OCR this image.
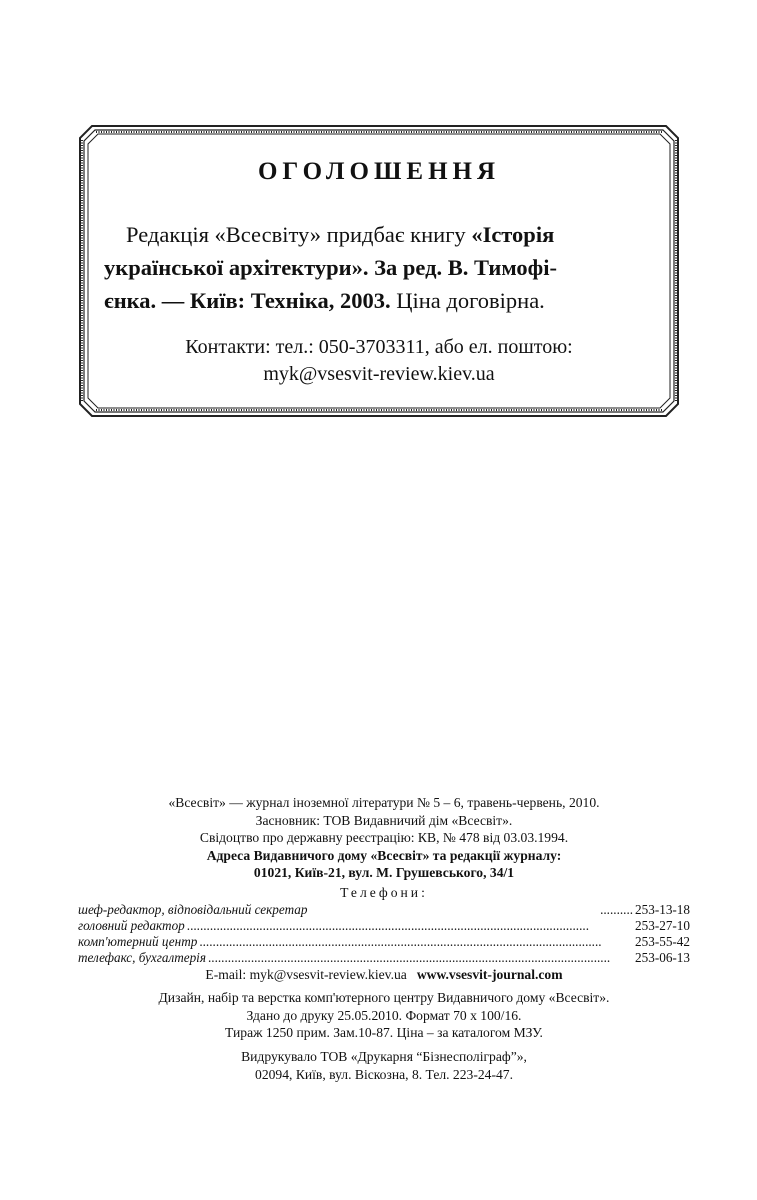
ОГОЛОШЕННЯ
Редакція «Всесвіту» придбає книгу «Історія
української архітектури». За ред. В. Тимофі-
єнка. — Київ: Техніка, 2003. Ціна договірна.
Контакти: тел.: 050-3703311, або ел. поштою:
myk@vsesvit-review.kiev.ua
«Всесвіт» — журнал іноземної літератури № 5 – 6, травень-червень, 2010.
Засновник: ТОВ Видавничий дім «Всесвіт».
Свідоцтво про державну реєстрацію: КВ, № 478 від 03.03.1994.
Адреса Видавничого дому «Всесвіт» та редакції журналу:
01021, Київ-21, вул. М. Грушевського, 34/1
Телефони:
шеф-редактор, відповідальний секретар	.......... 253-13-18
головний редактор ..........................................................................................................................	253-27-10
комп'ютерний центр ..........................................................................................................................	253-55-42
телефакс, бухгалтерія ..........................................................................................................................	253-06-13
E-mail: myk@vsesvit-review.kiev.ua www.vsesvit-journal.com
Дизайн, набір та верстка комп'ютерного центру Видавничого дому «Всесвіт».
Здано до друку 25.05.2010. Формат 70 x 100/16.
Тираж 1250 прим. Зам.10-87. Ціна – за каталогом МЗУ.
Видрукувало ТОВ «Друкарня “Бізнесполіграф”»,
02094, Київ, вул. Віскозна, 8. Тел. 223-24-47.
